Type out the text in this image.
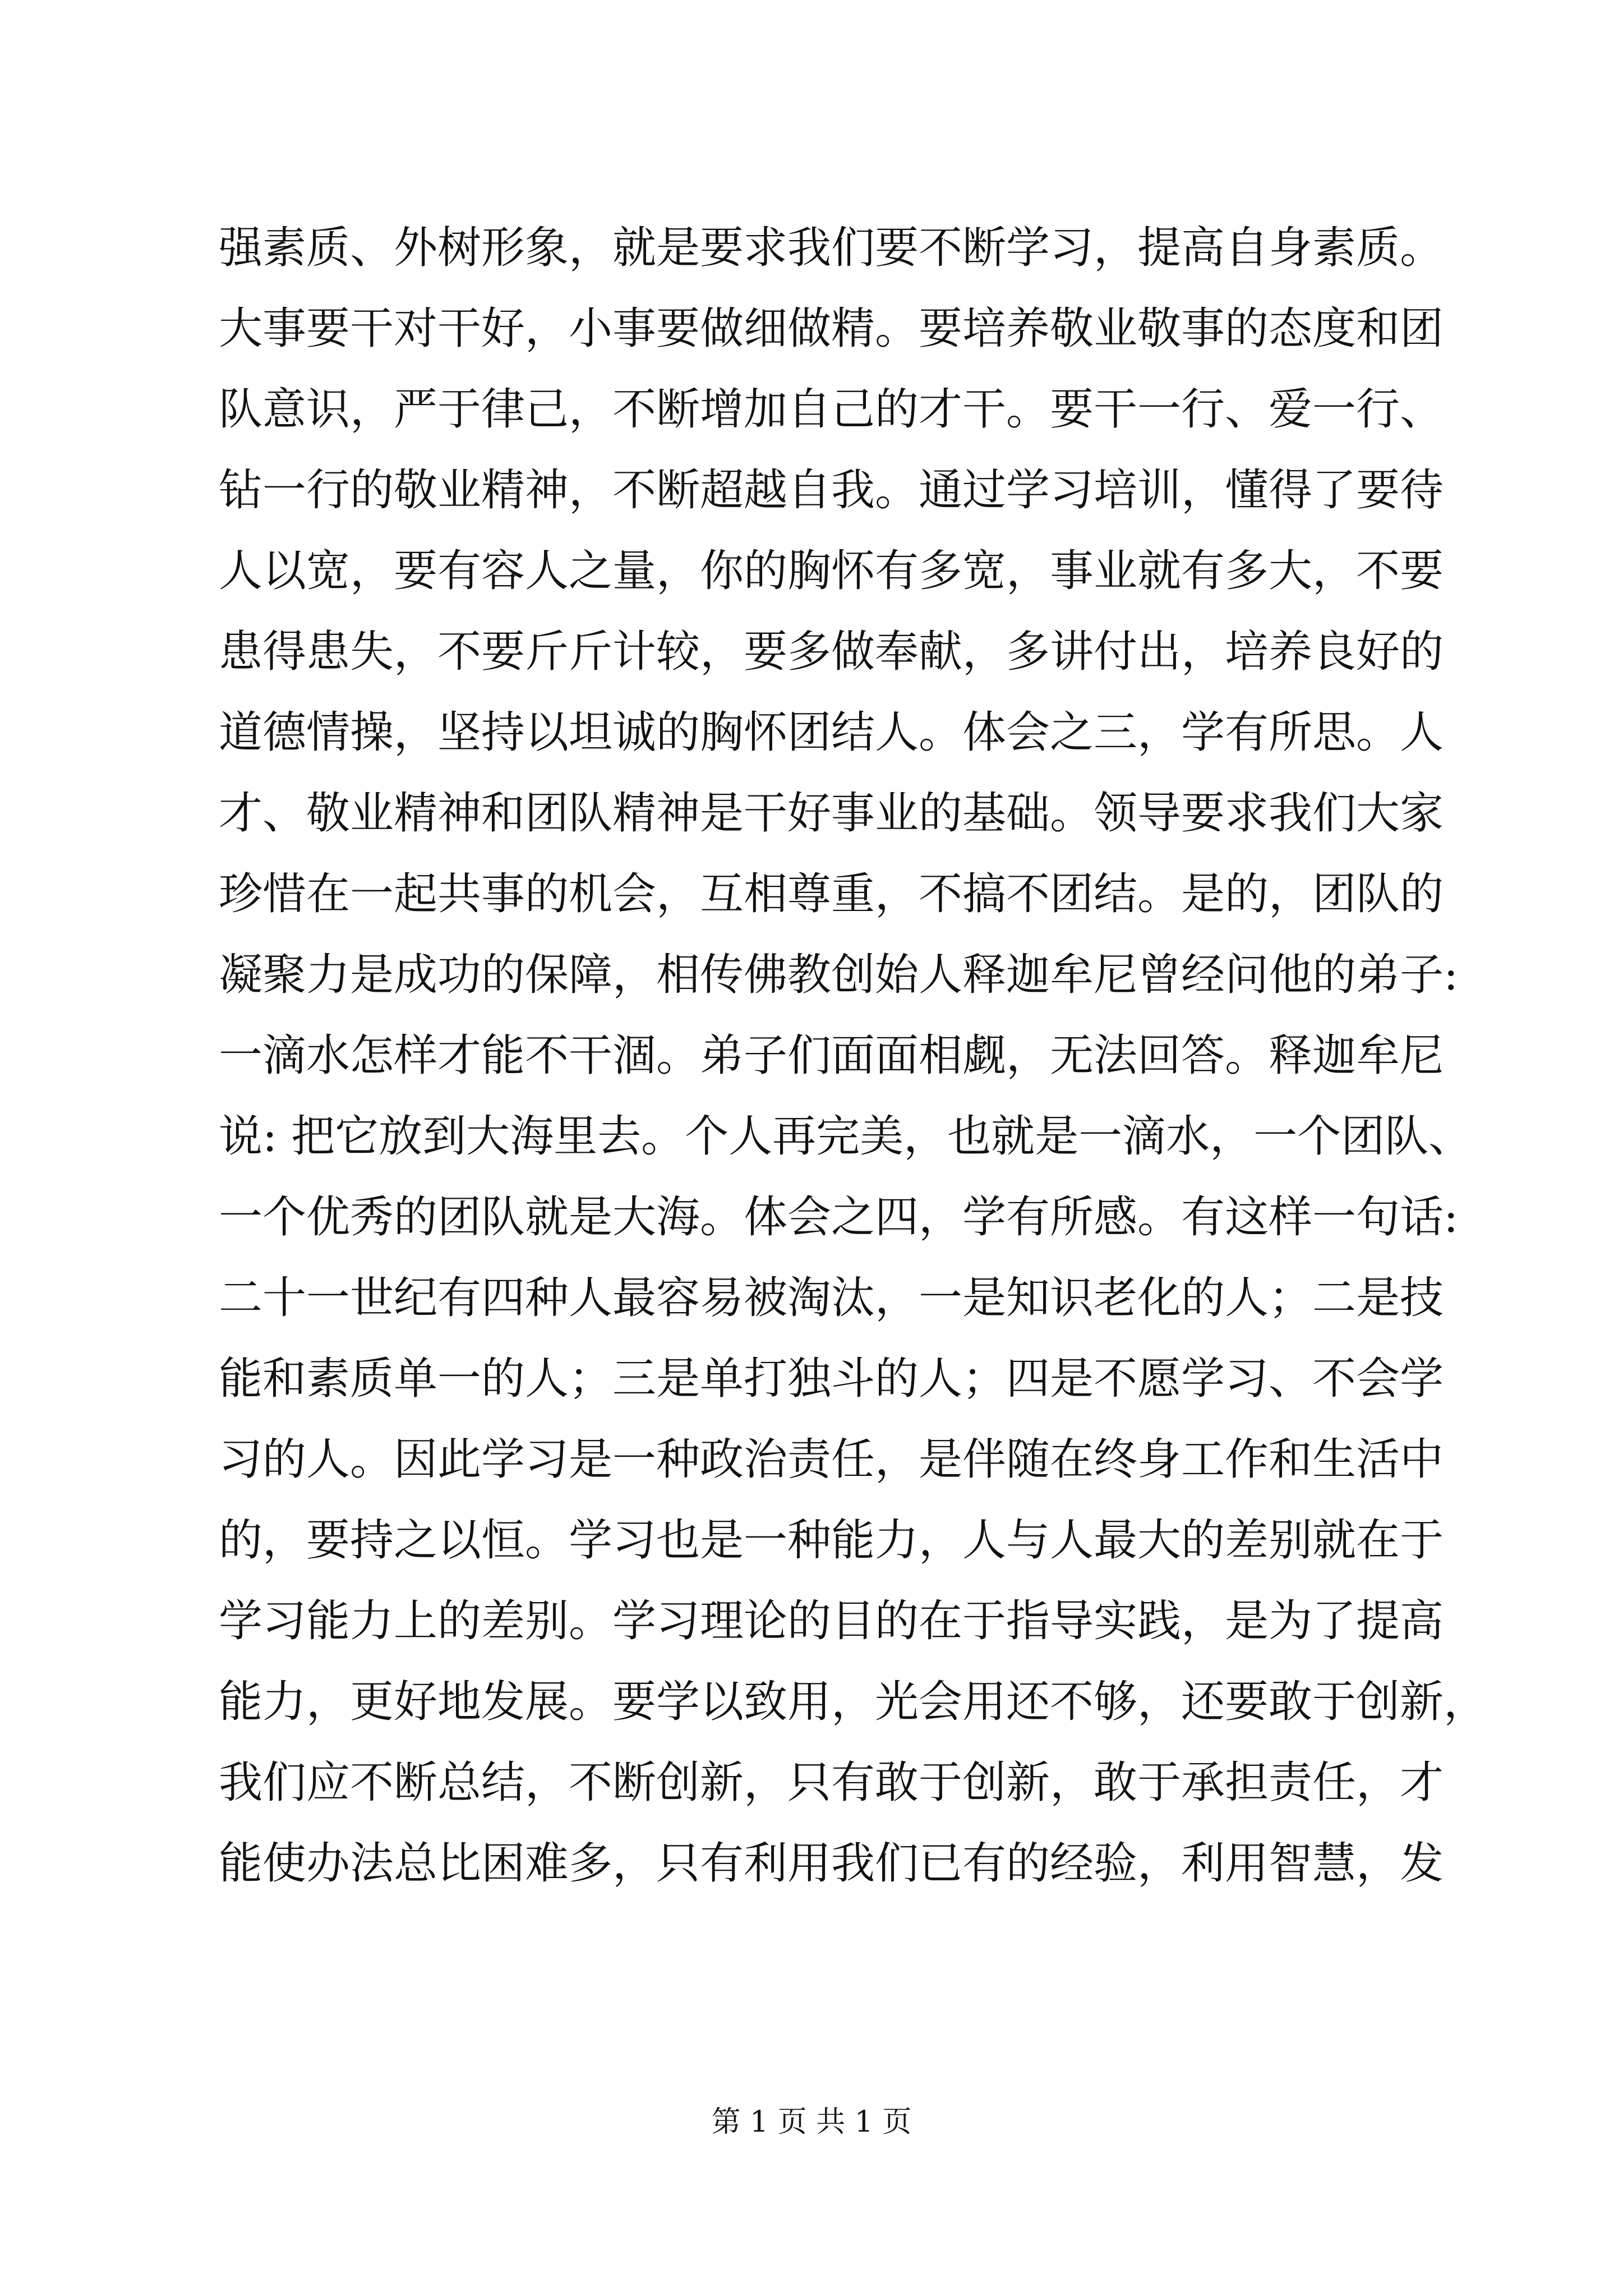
强素质、外树形象，就是要求我们要不断学习，提高自身素质。
大事要干对干好，小事要做细做精。要培养敬业敬事的态度和团
队意识，严于律己，不断增加自己的才干。要干一行、爱一行、
钻一行的敬业精神，不断超越自我。通过学习培训，懂得了要待
人以宽，要有容人之量，你的胸怀有多宽，事业就有多大，不要
患得患失，不要斤斤计较，要多做奉献，多讲付出，培养良好的
道德情操，坚持以坦诚的胸怀团结人。体会之三，学有所思。人
才、敬业精神和团队精神是干好事业的基础。领导要求我们大家
珍惜在一起共事的机会，互相尊重，不搞不团结。是的，团队的
凝聚力是成功的保障，相传佛教创始人释迦牟尼曾经问他的弟子:
一滴水怎样才能不干涸。弟子们面面相觑，无法回答。释迦牟尼
说: 把它放到大海里去。个人再完美，也就是一滴水，一个团队、
一个优秀的团队就是大海。体会之四，学有所感。有这样一句话:
二十一世纪有四种人最容易被淘汰，一是知识老化的人；二是技
能和素质单一的人；三是单打独斗的人；四是不愿学习、不会学
习的人。因此学习是一种政治责任，是伴随在终身工作和生活中
的，要持之以恒。学习也是一种能力，人与人最大的差别就在于
学习能力上的差别。学习理论的目的在于指导实践，是为了提高
能力，更好地发展。要学以致用，光会用还不够，还要敢于创新，
我们应不断总结，不断创新，只有敢于创新，敢于承担责任，才
能使办法总比困难多，只有利用我们已有的经验，利用智慧，发
第 1 页 共 1 页
